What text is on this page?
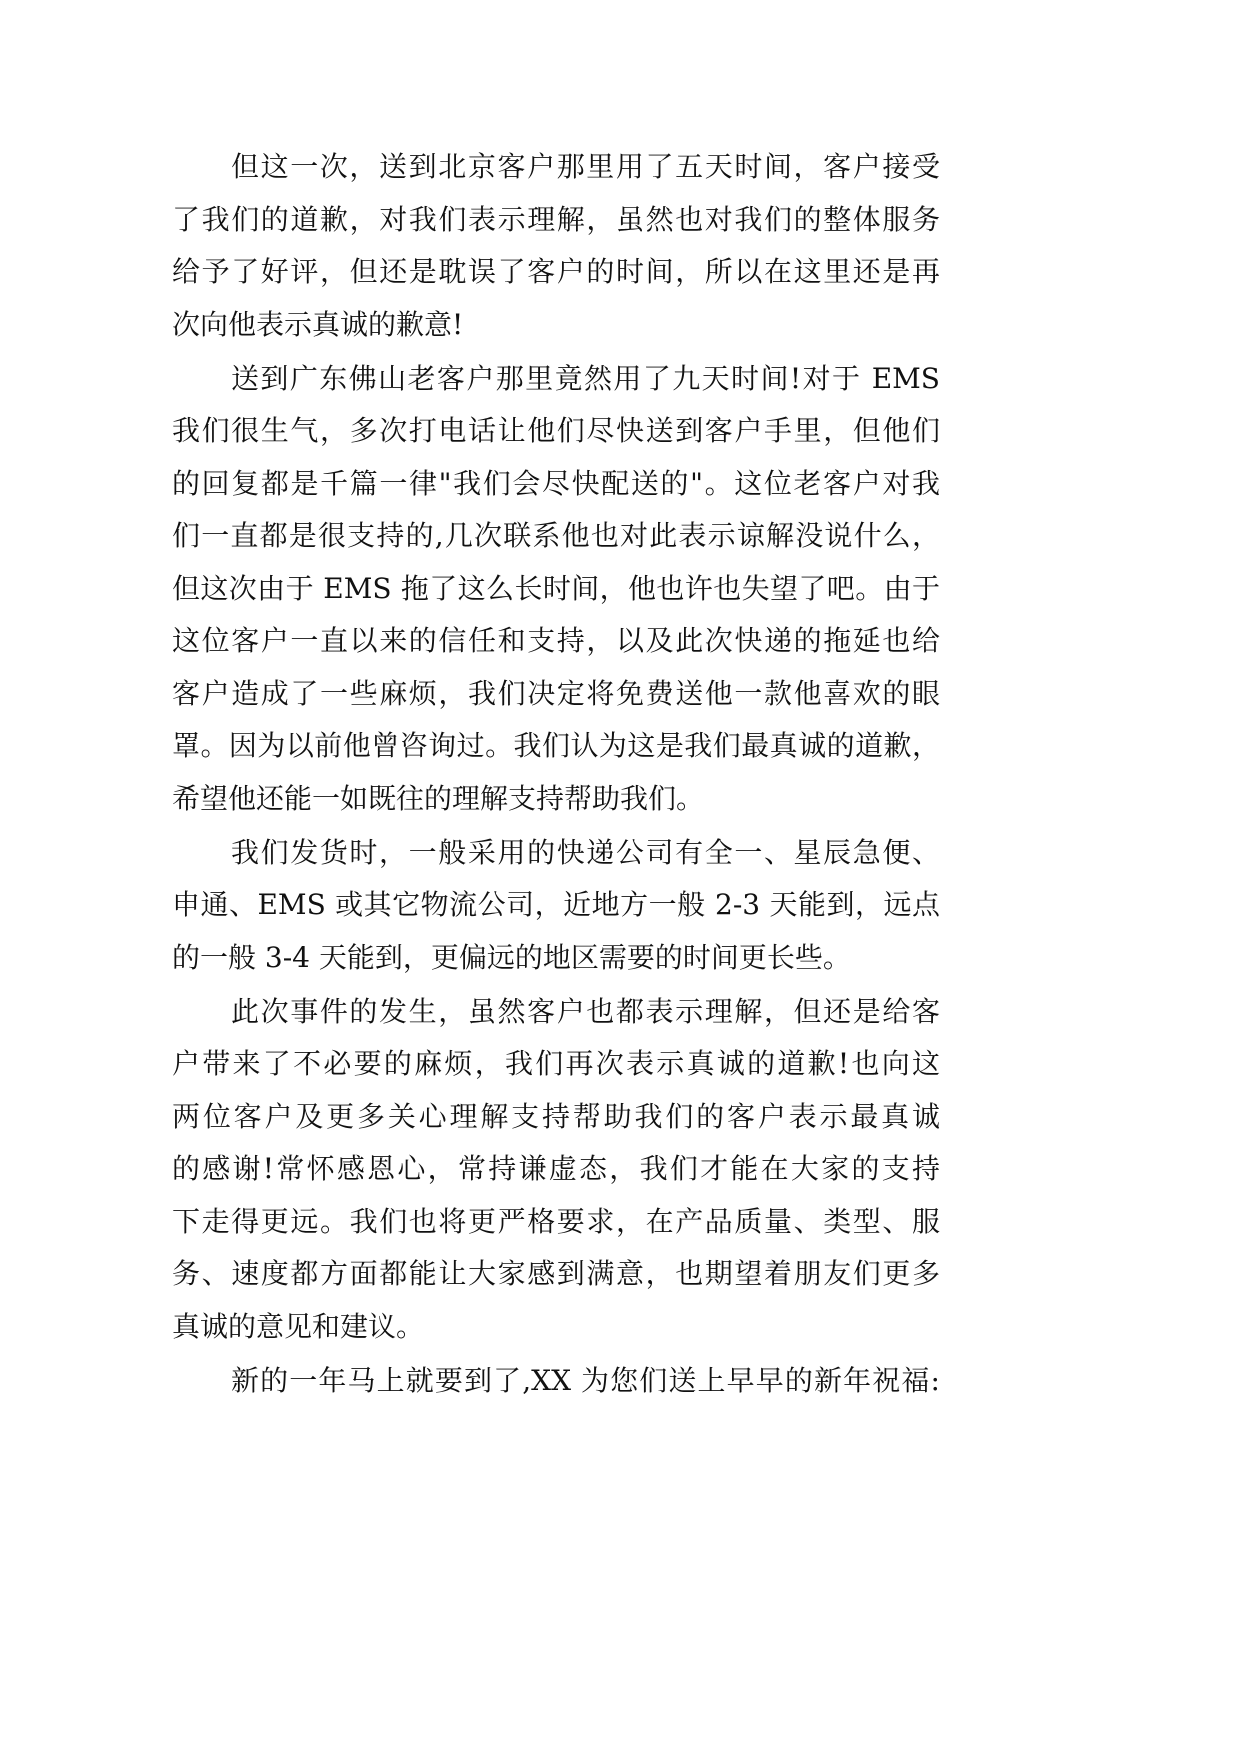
但这一次，送到北京客户那里用了五天时间，客户接受
了我们的道歉，对我们表示理解，虽然也对我们的整体服务
给予了好评，但还是耽误了客户的时间，所以在这里还是再
次向他表示真诚的歉意!
送到广东佛山老客户那里竟然用了九天时间!对于 EMS
我们很生气，多次打电话让他们尽快送到客户手里，但他们
的回复都是千篇一律"我们会尽快配送的"。这位老客户对我
们一直都是很支持的,几次联系他也对此表示谅解没说什么，
但这次由于 EMS 拖了这么长时间，他也许也失望了吧。由于
这位客户一直以来的信任和支持，以及此次快递的拖延也给
客户造成了一些麻烦，我们决定将免费送他一款他喜欢的眼
罩。因为以前他曾咨询过。我们认为这是我们最真诚的道歉，
希望他还能一如既往的理解支持帮助我们。
我们发货时，一般采用的快递公司有全一、星辰急便、
申通、EMS 或其它物流公司，近地方一般 2-3 天能到，远点
的一般 3-4 天能到，更偏远的地区需要的时间更长些。
此次事件的发生，虽然客户也都表示理解，但还是给客
户带来了不必要的麻烦，我们再次表示真诚的道歉!也向这
两位客户及更多关心理解支持帮助我们的客户表示最真诚
的感谢!常怀感恩心，常持谦虚态，我们才能在大家的支持
下走得更远。我们也将更严格要求，在产品质量、类型、服
务、速度都方面都能让大家感到满意，也期望着朋友们更多
真诚的意见和建议。
新的一年马上就要到了,XX 为您们送上早早的新年祝福:
